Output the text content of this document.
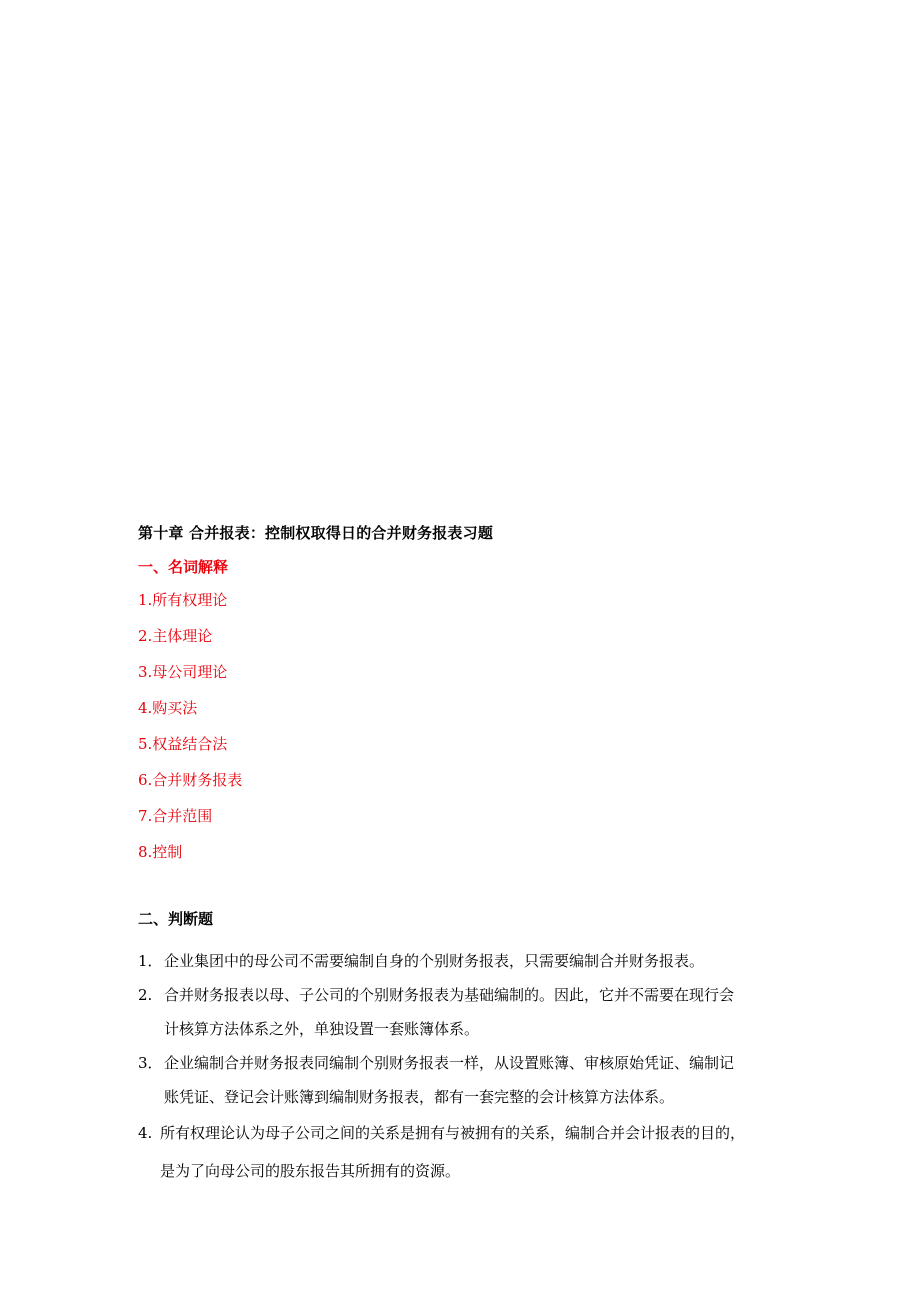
第十章 合并报表：控制权取得日的合并财务报表习题
一、名词解释
1.所有权理论
2.主体理论
3.母公司理论
4.购买法
5.权益结合法
6.合并财务报表
7.合并范围
8.控制
二、判断题
1．企业集团中的母公司不需要编制自身的个别财务报表，只需要编制合并财务报表。
2. 合并财务报表以母、子公司的个别财务报表为基础编制的。因此，它并不需要在现行会
计核算方法体系之外，单独设置一套账簿体系。
3．企业编制合并财务报表同编制个别财务报表一样，从设置账簿、审核原始凭证、编制记
账凭证、登记会计账簿到编制财务报表，都有一套完整的会计核算方法体系。
4. 所有权理论认为母子公司之间的关系是拥有与被拥有的关系，编制合并会计报表的目的，
是为了向母公司的股东报告其所拥有的资源。
